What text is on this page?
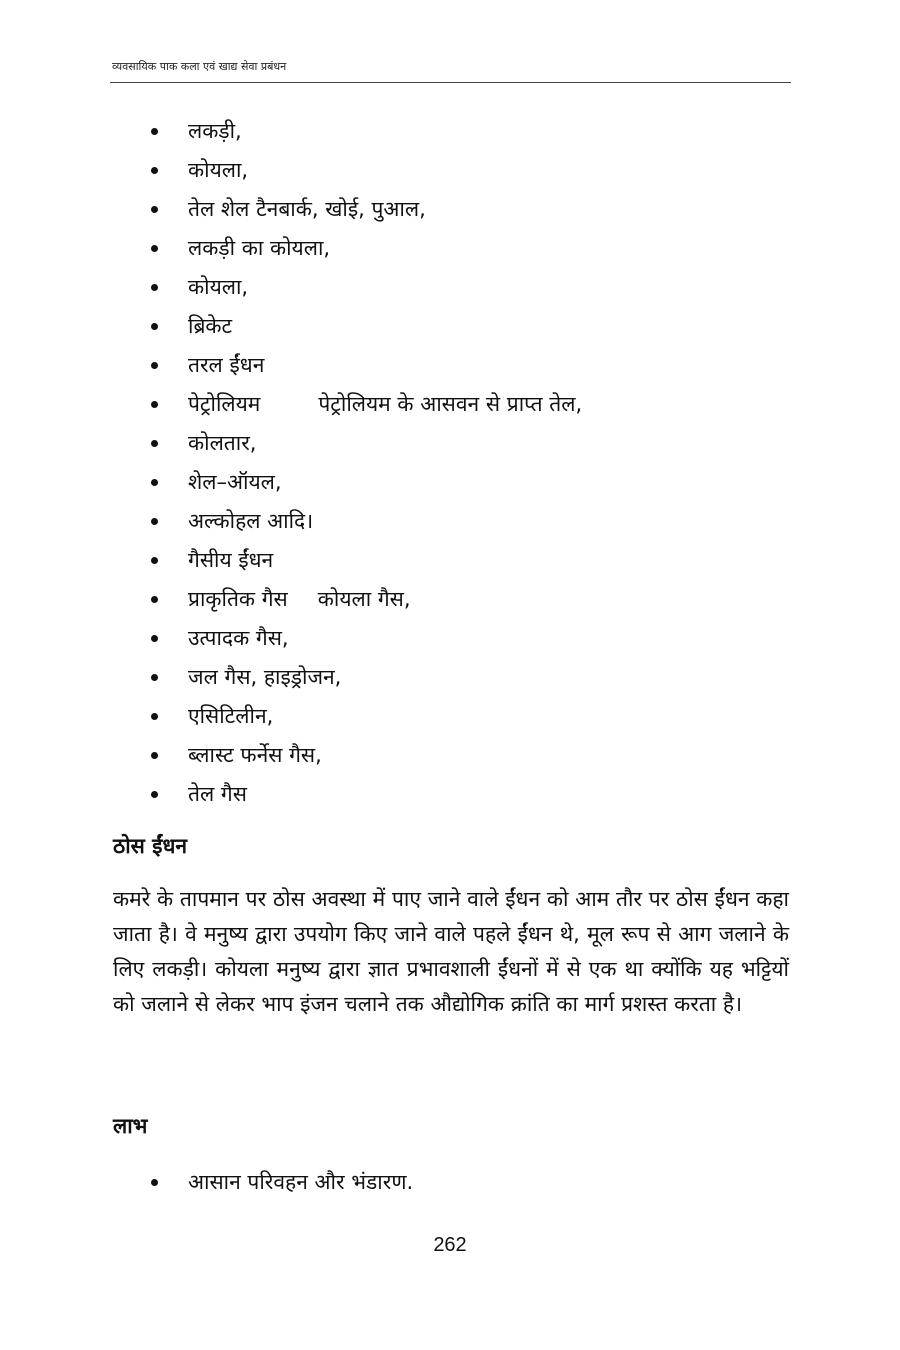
व्यवसायिक पाक कला एवं खाद्य सेवा प्रबंधन
लकड़ी,
कोयला,
तेल शेल टैनबार्क, खोई, पुआल,
लकड़ी का कोयला,
कोयला,
ब्रिकेट
तरल ईंधन
पेट्रोलियम	पेट्रोलियम के आसवन से प्राप्त तेल,
कोलतार,
शेल–ऑयल,
अल्कोहल आदि।
गैसीय ईंधन
प्राकृतिक गैस कोयला गैस,
उत्पादक गैस,
जल गैस, हाइड्रोजन,
एसिटिलीन,
ब्लास्ट फर्नेस गैस,
तेल गैस
ठोस ईंधन

कमरे के तापमान पर ठोस अवस्था में पाए जाने वाले ईंधन को आम तौर पर ठोस ईंधन कहा जाता है। वे मनुष्य द्वारा उपयोग किए जाने वाले पहले ईंधन थे, मूल रूप से आग जलाने के लिए लकड़ी। कोयला मनुष्य द्वारा ज्ञात प्रभावशाली ईंधनों में से एक था क्योंकि यह भट्टियों को जलाने से लेकर भाप इंजन चलाने तक औद्योगिक क्रांति का मार्ग प्रशस्त करता है।

लाभ
आसान परिवहन और भंडारण.
262
